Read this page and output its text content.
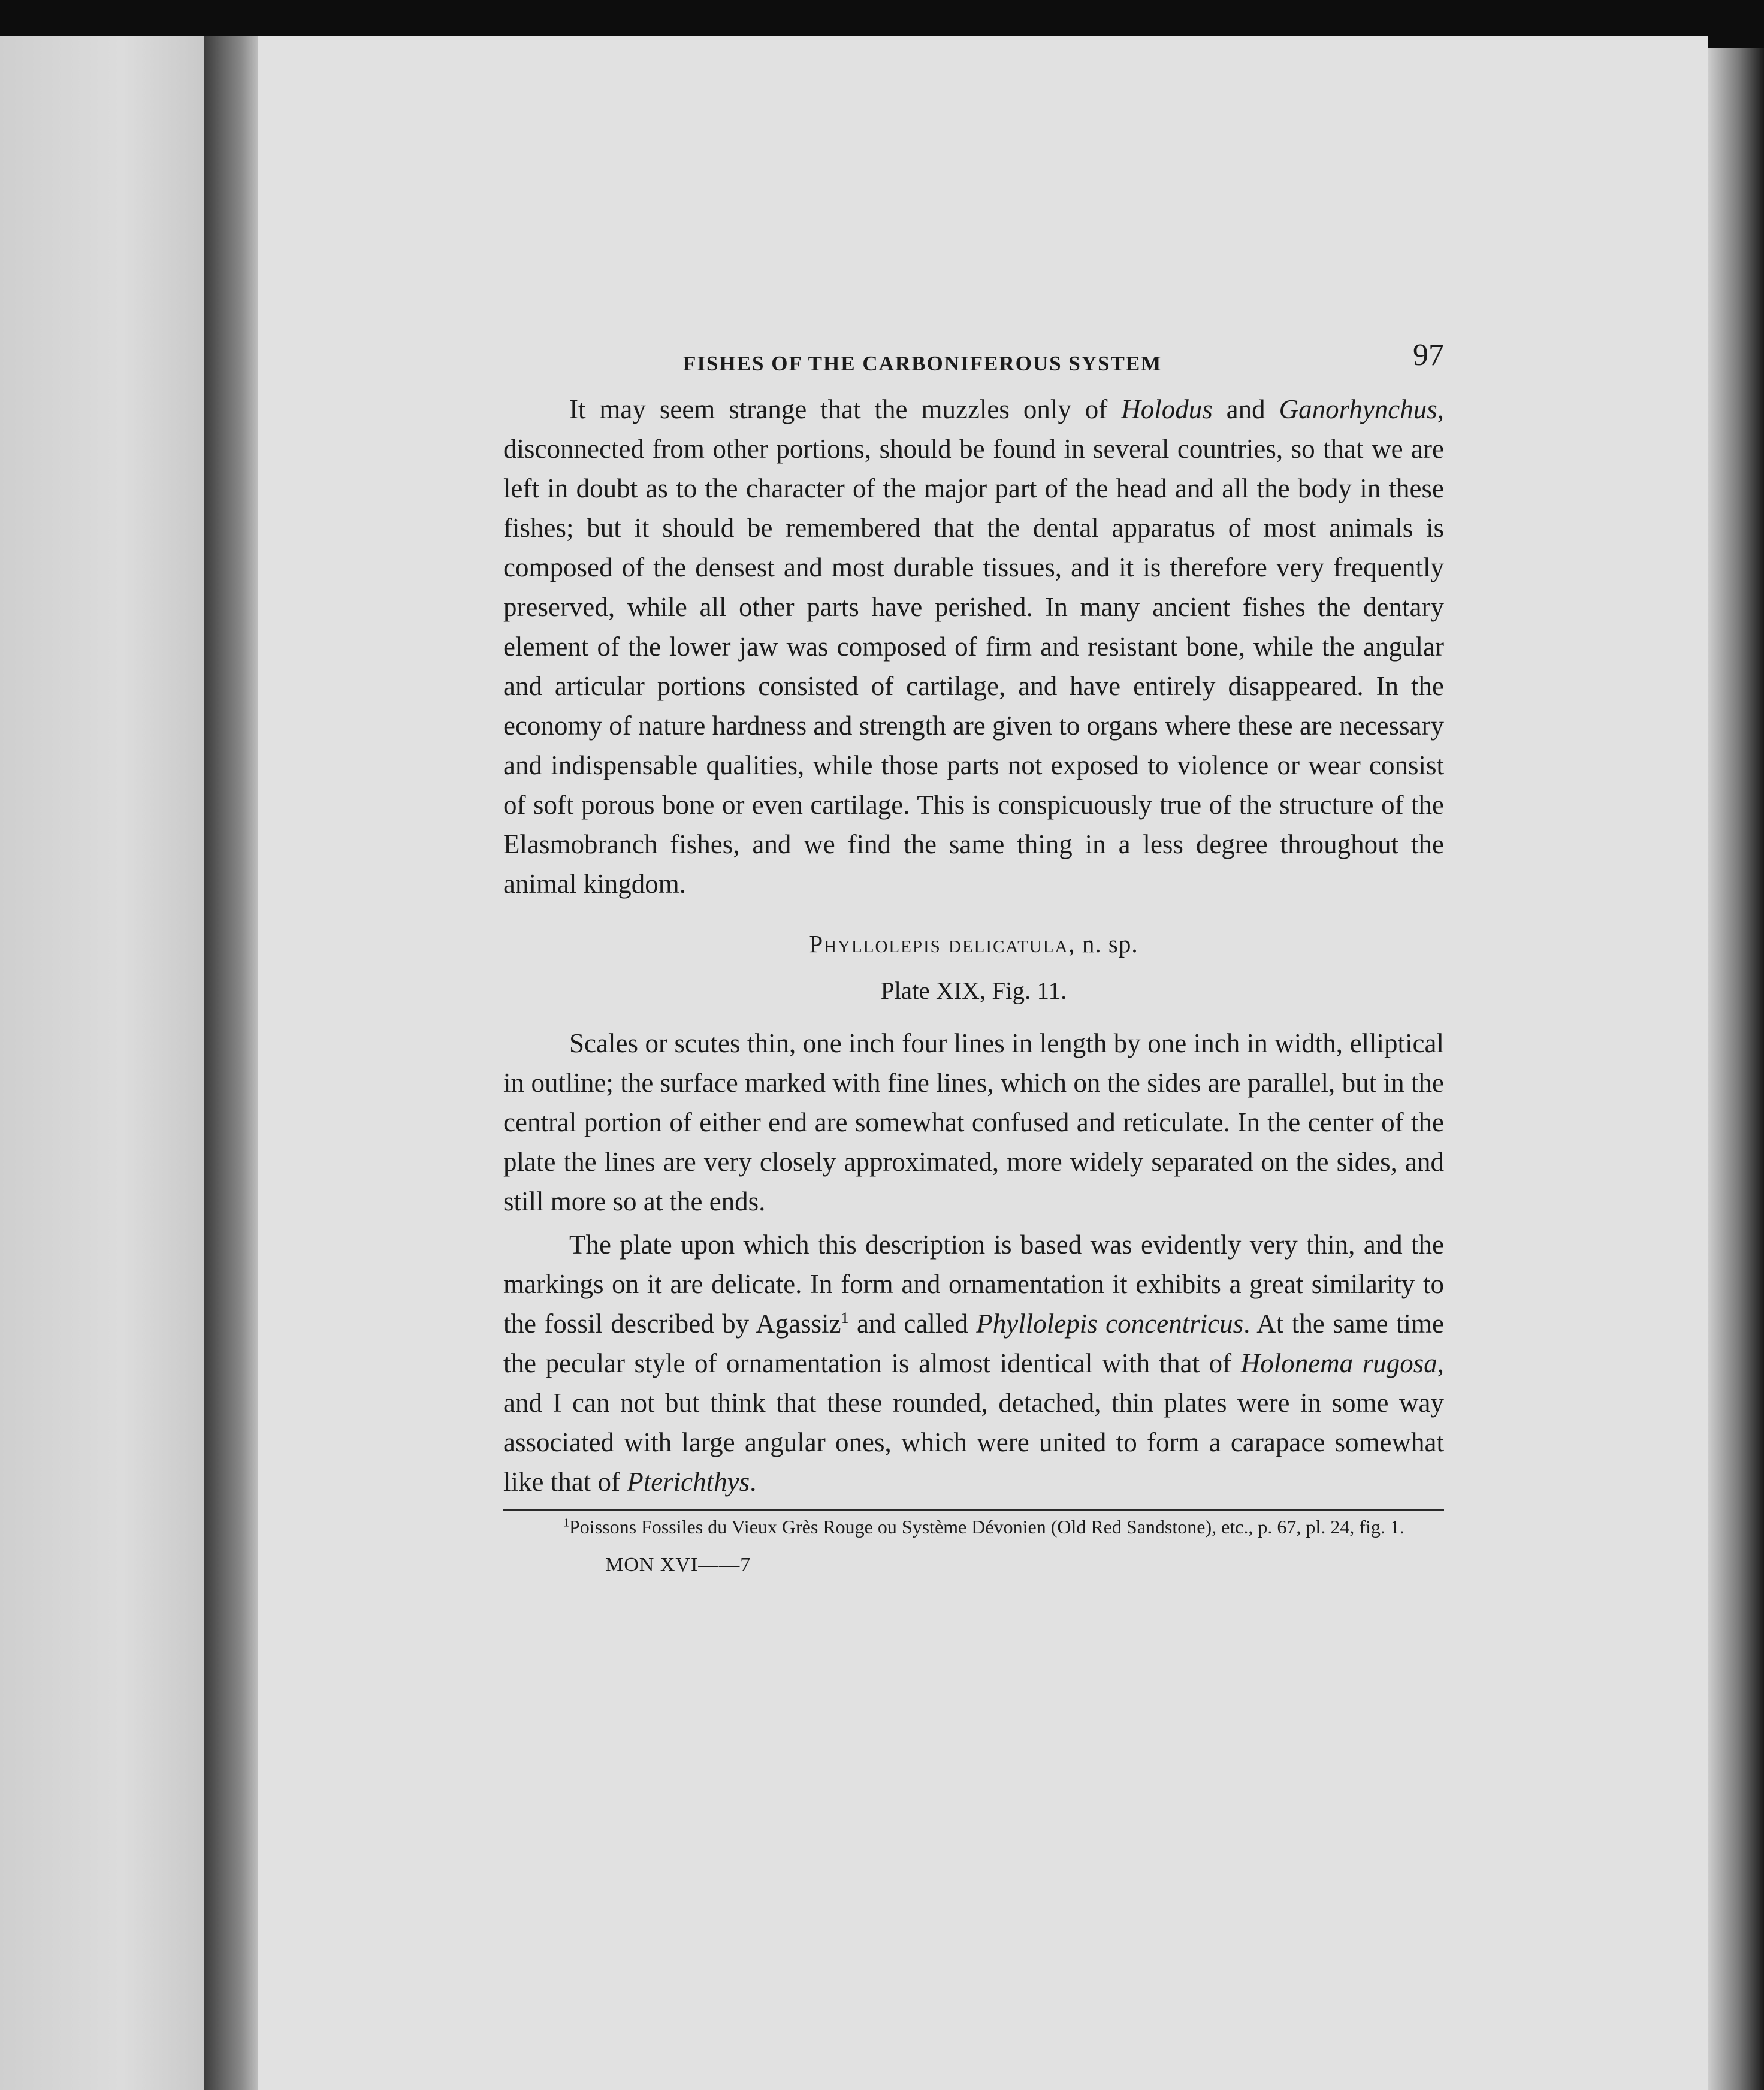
FISHES OF THE CARBONIFEROUS SYSTEM	97

It may seem strange that the muzzles only of Holodus and Ganorhynchus, disconnected from other portions, should be found in several countries, so that we are left in doubt as to the character of the major part of the head and all the body in these fishes; but it should be remembered that the dental apparatus of most animals is composed of the densest and most durable tissues, and it is therefore very frequently preserved, while all other parts have perished. In many ancient fishes the dentary element of the lower jaw was composed of firm and resistant bone, while the angular and articular portions consisted of cartilage, and have entirely disappeared. In the economy of nature hardness and strength are given to organs where these are necessary and indispensable qualities, while those parts not exposed to violence or wear consist of soft porous bone or even cartilage. This is conspicuously true of the structure of the Elasmobranch fishes, and we find the same thing in a less degree throughout the animal kingdom.

Phyllolepis delicatula, n. sp.
Plate XIX, Fig. 11.

Scales or scutes thin, one inch four lines in length by one inch in width, elliptical in outline; the surface marked with fine lines, which on the sides are parallel, but in the central portion of either end are somewhat confused and reticulate. In the center of the plate the lines are very closely approximated, more widely separated on the sides, and still more so at the ends.

The plate upon which this description is based was evidently very thin, and the markings on it are delicate. In form and ornamentation it exhibits a great similarity to the fossil described by Agassiz$^1$ and called Phyllolepis concentricus. At the same time the pecular style of ornamentation is almost identical with that of Holonema rugosa, and I can not but think that these rounded, detached, thin plates were in some way associated with large angular ones, which were united to form a carapace somewhat like that of Pterichthys.

$^1$Poissons Fossiles du Vieux Grès Rouge ou Système Dévonien (Old Red Sandstone), etc., p. 67, pl. 24, fig. 1.
MON XVI——7
